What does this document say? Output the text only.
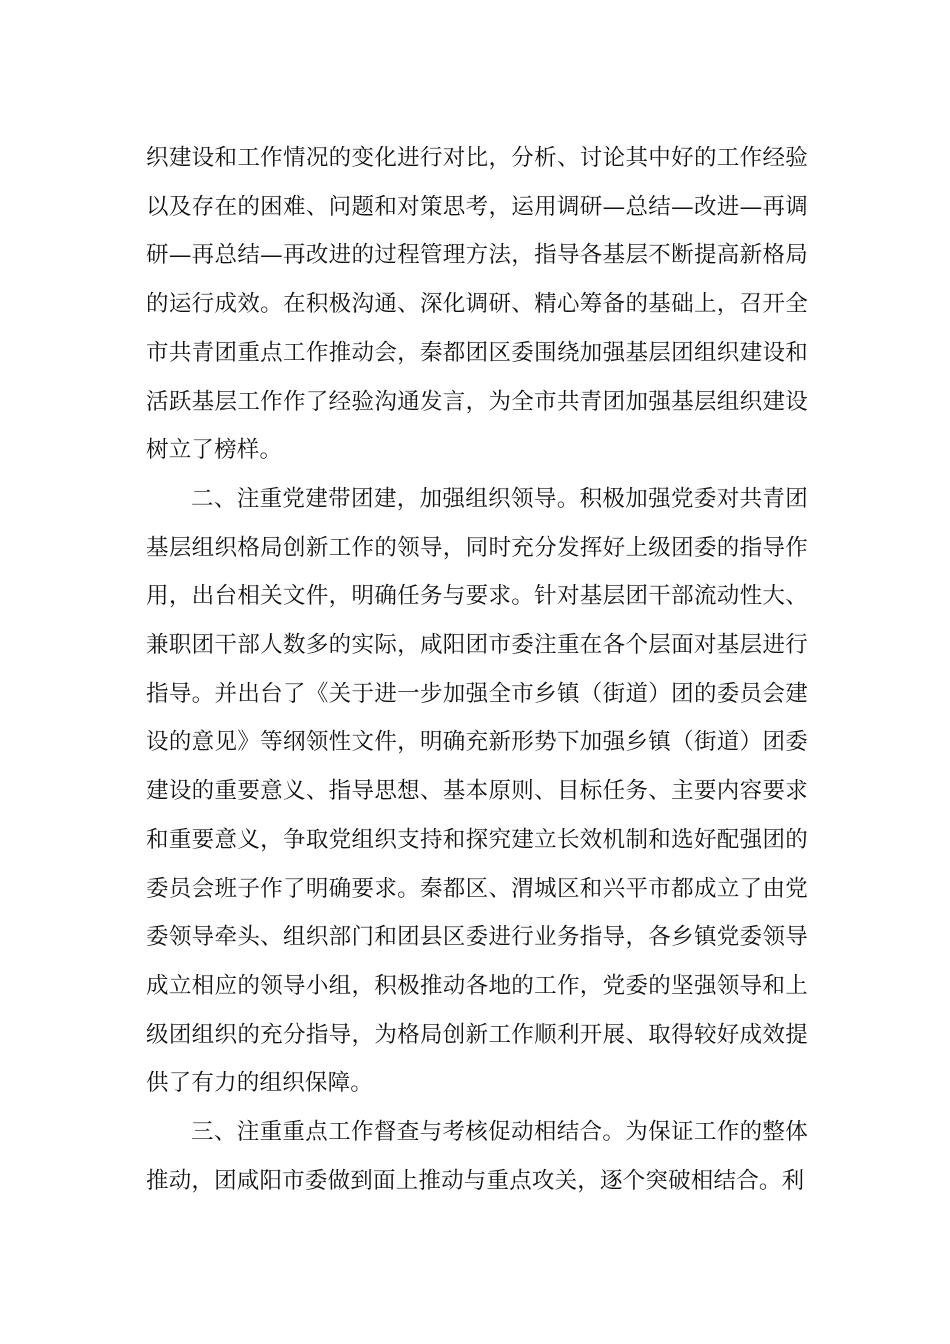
织建设和工作情况的变化进行对比，分析、讨论其中好的工作经验以及存在的困难、问题和对策思考，运用调研—总结—改进—再调研—再总结—再改进的过程管理方法，指导各基层不断提高新格局的运行成效。在积极沟通、深化调研、精心筹备的基础上，召开全市共青团重点工作推动会，秦都团区委围绕加强基层团组织建设和活跃基层工作作了经验沟通发言，为全市共青团加强基层组织建设树立了榜样。

二、注重党建带团建，加强组织领导。积极加强党委对共青团基层组织格局创新工作的领导，同时充分发挥好上级团委的指导作用，出台相关文件，明确任务与要求。针对基层团干部流动性大、兼职团干部人数多的实际，咸阳团市委注重在各个层面对基层进行指导。并出台了《关于进一步加强全市乡镇（街道）团的委员会建设的意见》等纲领性文件，明确充新形势下加强乡镇（街道）团委建设的重要意义、指导思想、基本原则、目标任务、主要内容要求和重要意义，争取党组织支持和探究建立长效机制和选好配强团的委员会班子作了明确要求。秦都区、渭城区和兴平市都成立了由党委领导牵头、组织部门和团县区委进行业务指导，各乡镇党委领导成立相应的领导小组，积极推动各地的工作，党委的坚强领导和上级团组织的充分指导，为格局创新工作顺利开展、取得较好成效提供了有力的组织保障。

三、注重重点工作督查与考核促动相结合。为保证工作的整体推动，团咸阳市委做到面上推动与重点攻关，逐个突破相结合。利
